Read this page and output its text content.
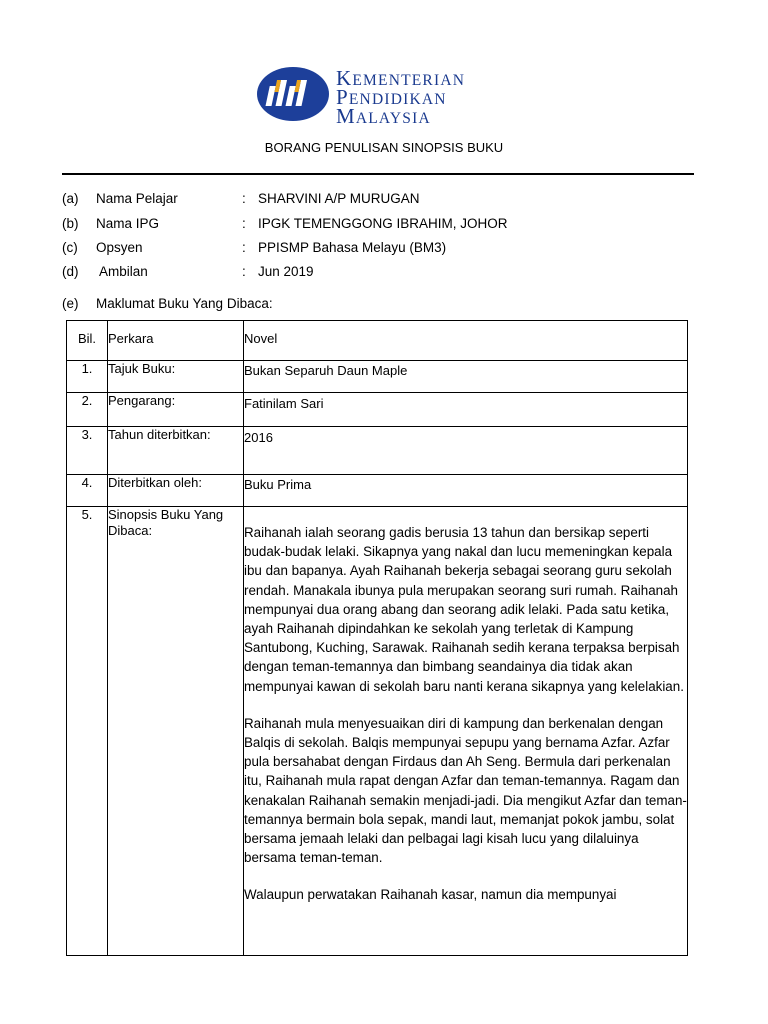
KEMENTERIAN
PENDIDIKAN
MALAYSIA
BORANG PENULISAN SINOPSIS BUKU
(a) Nama Pelajar	: SHARVINI A/P MURUGAN
(b) Nama IPG	: IPGK TEMENGGONG IBRAHIM, JOHOR
(c) Opsyen	: PPISMP Bahasa Melayu (BM3)
(d) Ambilan	: Jun 2019
(e) Maklumat Buku Yang Dibaca:
Bil.	Perkara	Novel
1.	Tajuk Buku:	Bukan Separuh Daun Maple
2.	Pengarang:	Fatinilam Sari
3.	Tahun diterbitkan:	2016
4.	Diterbitkan oleh:	Buku Prima
5.	Sinopsis Buku Yang Dibaca:	Raihanah ialah seorang gadis berusia 13 tahun dan bersikap seperti budak-budak lelaki. Sikapnya yang nakal dan lucu memeningkan kepala ibu dan bapanya. Ayah Raihanah bekerja sebagai seorang guru sekolah rendah. Manakala ibunya pula merupakan seorang suri rumah. Raihanah mempunyai dua orang abang dan seorang adik lelaki. Pada satu ketika, ayah Raihanah dipindahkan ke sekolah yang terletak di Kampung Santubong, Kuching, Sarawak. Raihanah sedih kerana terpaksa berpisah dengan teman-temannya dan bimbang seandainya dia tidak akan mempunyai kawan di sekolah baru nanti kerana sikapnya yang kelelakian.

Raihanah mula menyesuaikan diri di kampung dan berkenalan dengan Balqis di sekolah. Balqis mempunyai sepupu yang bernama Azfar. Azfar pula bersahabat dengan Firdaus dan Ah Seng. Bermula dari perkenalan itu, Raihanah mula rapat dengan Azfar dan teman-temannya. Ragam dan kenakalan Raihanah semakin menjadi-jadi. Dia mengikut Azfar dan teman-temannya bermain bola sepak, mandi laut, memanjat pokok jambu, solat bersama jemaah lelaki dan pelbagai lagi kisah lucu yang dilaluinya bersama teman-teman.

Walaupun perwatakan Raihanah kasar, namun dia mempunyai
